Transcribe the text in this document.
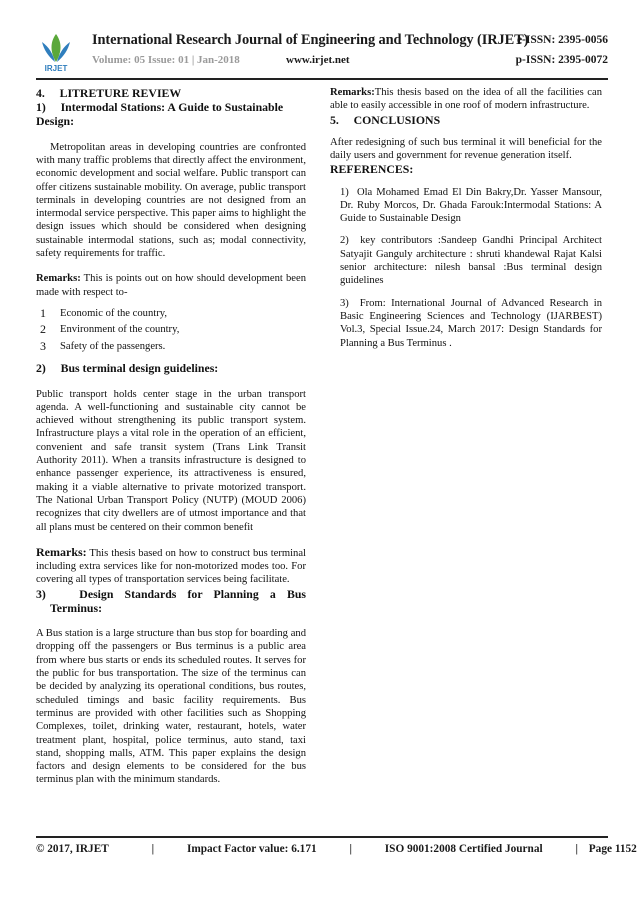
IRJET
International Research Journal of Engineering and Technology (IRJET)
Volume: 05 Issue: 01 | Jan-2018	www.irjet.net
e-ISSN: 2395-0056
p-ISSN: 2395-0072
4.     LITRETURE REVIEW
1)     Intermodal Stations: A Guide to Sustainable
Design:

Metropolitan areas in developing countries are confronted with many traffic problems that directly affect the environment, economic development and social welfare. Public transport can offer citizens sustainable mobility. On average, public transport terminals in developing countries are not designed from an intermodal service perspective. This paper aims to highlight the design issues which should be considered when designing sustainable intermodal stations, such as; modal connectivity, safety requirements for traffic.

Remarks: This is points out on how should development been made with respect to-

1	Economic of the country,
2	Environment of the country,
3	Safety of the passengers.
2)     Bus terminal design guidelines:

Public transport holds center stage in the urban transport agenda. A well-functioning and sustainable city cannot be achieved without strengthening its public transport system. Infrastructure plays a vital role in the operation of an efficient, convenient and safe transit system (Trans Link Transit Authority 2011). When a transits infrastructure is designed to enhance passenger experience, its attractiveness is ensured, making it a viable alternative to private motorized transport. The National Urban Transport Policy (NUTP) (MOUD 2006) recognizes that city dwellers are of utmost importance and that all plans must be centered on their common benefit

Remarks: This thesis based on how to construct bus terminal including extra services like for non-motorized modes too. For covering all types of transportation services being facilitate.

3)   Design Standards for Planning a Bus
Terminus:

A Bus station is a large structure than bus stop for boarding and dropping off the passengers or Bus terminus is a public area from where bus starts or ends its scheduled routes. It serves for the public for bus transportation. The size of the terminus can be decided by analyzing its operational conditions, bus routes, scheduled timings and basic facility requirements. Bus terminus are provided with other facilities such as Shopping Complexes, toilet, drinking water, restaurant, hotels, water treatment plant, hospital, police terminus, auto stand, taxi stand, shopping malls, ATM. This paper explains the design factors and design elements to be considered for the bus terminus plan with the minimum standards.

Remarks:This thesis based on the idea of all the facilities can able to easily accessible in one roof of modern infrastructure.

5.     CONCLUSIONS

After redesigning of such bus terminal it will beneficial for the daily users and government for revenue generation itself.

REFERENCES:

1)  Ola Mohamed Emad El Din Bakry,Dr. Yasser Mansour, Dr. Ruby Morcos, Dr. Ghada Farouk:Intermodal Stations: A Guide to Sustainable Design

2)  key contributors :Sandeep Gandhi Principal Architect Satyajit Ganguly architecture : shruti khandewal Rajat Kalsi senior architecture: nilesh bansal :Bus terminal design guidelines

3)  From: International Journal of Advanced Research in Basic Engineering Sciences and Technology (IJARBEST) Vol.3, Special Issue.24, March 2017: Design Standards for Planning a Bus Terminus .

© 2017, IRJET	|	Impact Factor value: 6.171	|	ISO 9001:2008 Certified Journal	| Page 1152
